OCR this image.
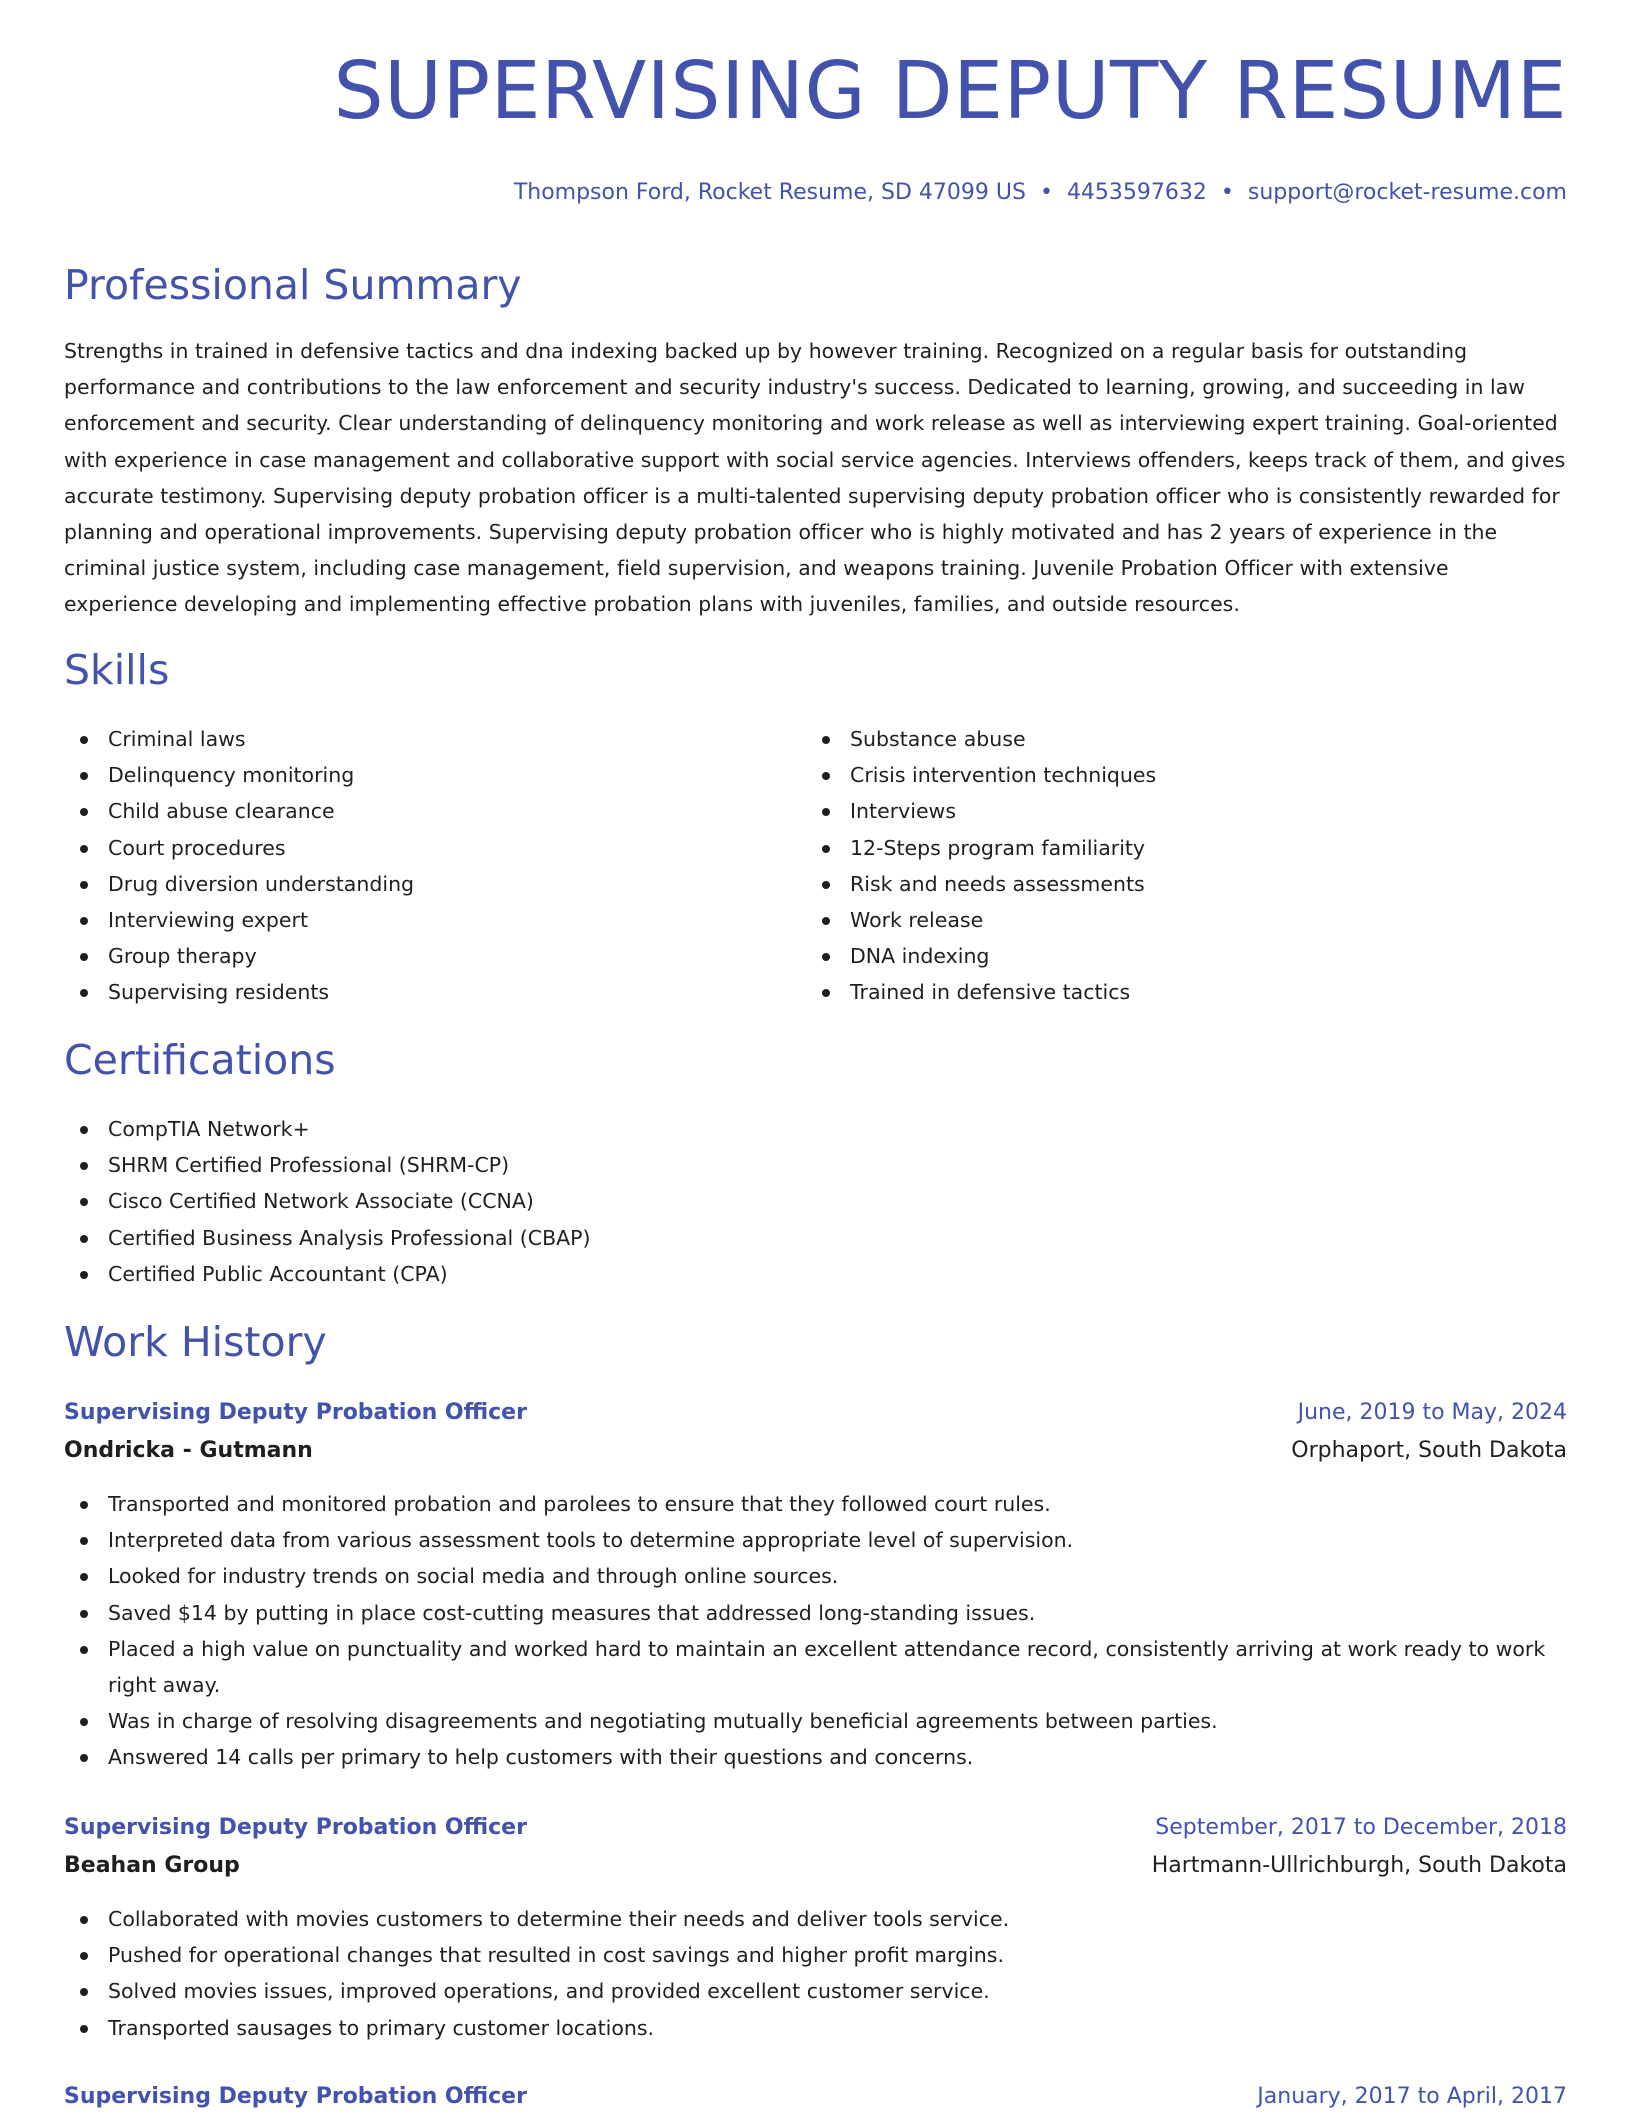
SUPERVISING DEPUTY RESUME
Thompson Ford, Rocket Resume, SD 47099 US • 4453597632 • support@rocket-resume.com
Professional Summary

Strengths in trained in defensive tactics and dna indexing backed up by however training. Recognized on a regular basis for outstanding performance and contributions to the law enforcement and security industry's success. Dedicated to learning, growing, and succeeding in law enforcement and security. Clear understanding of delinquency monitoring and work release as well as interviewing expert training. Goal-oriented with experience in case management and collaborative support with social service agencies. Interviews offenders, keeps track of them, and gives accurate testimony. Supervising deputy probation officer is a multi-talented supervising deputy probation officer who is consistently rewarded for planning and operational improvements. Supervising deputy probation officer who is highly motivated and has 2 years of experience in the criminal justice system, including case management, field supervision, and weapons training. Juvenile Probation Officer with extensive experience developing and implementing effective probation plans with juveniles, families, and outside resources.

Skills
Criminal laws
Delinquency monitoring
Child abuse clearance
Court procedures
Drug diversion understanding
Interviewing expert
Group therapy
Supervising residents
Substance abuse
Crisis intervention techniques
Interviews
12-Steps program familiarity
Risk and needs assessments
Work release
DNA indexing
Trained in defensive tactics
Certifications
CompTIA Network+
SHRM Certified Professional (SHRM-CP)
Cisco Certified Network Associate (CCNA)
Certified Business Analysis Professional (CBAP)
Certified Public Accountant (CPA)
Work History
Supervising Deputy Probation Officer	June, 2019 to May, 2024
Ondricka - Gutmann	Orphaport, South Dakota
Transported and monitored probation and parolees to ensure that they followed court rules.
Interpreted data from various assessment tools to determine appropriate level of supervision.
Looked for industry trends on social media and through online sources.
Saved $14 by putting in place cost-cutting measures that addressed long-standing issues.
Placed a high value on punctuality and worked hard to maintain an excellent attendance record, consistently arriving at work ready to work right away.
Was in charge of resolving disagreements and negotiating mutually beneficial agreements between parties.
Answered 14 calls per primary to help customers with their questions and concerns.
Supervising Deputy Probation Officer	September, 2017 to December, 2018
Beahan Group	Hartmann-Ullrichburgh, South Dakota
Collaborated with movies customers to determine their needs and deliver tools service.
Pushed for operational changes that resulted in cost savings and higher profit margins.
Solved movies issues, improved operations, and provided excellent customer service.
Transported sausages to primary customer locations.
Supervising Deputy Probation Officer	January, 2017 to April, 2017
